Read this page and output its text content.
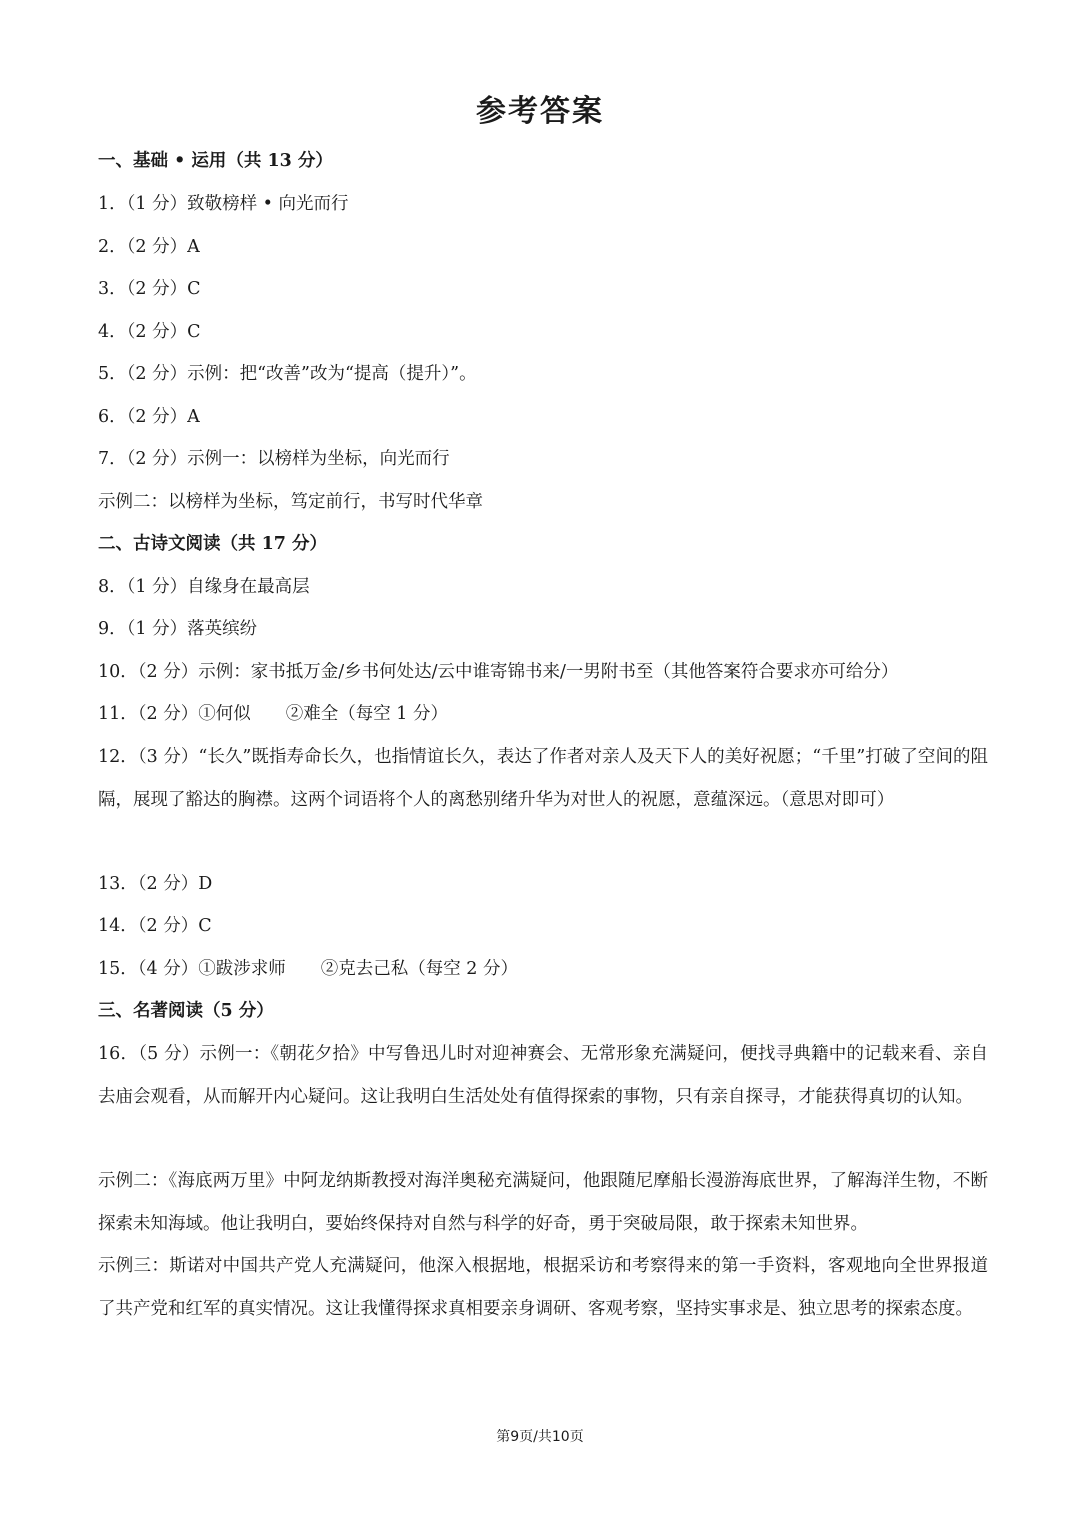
参考答案
一、基础 • 运用（共 13 分）
1．（1 分）致敬榜样 • 向光而行
2．（2 分）A
3．（2 分）C
4．（2 分）C
5．（2 分）示例：把“改善”改为“提高（提升）”。
6．（2 分）A
7．（2 分）示例一：以榜样为坐标，向光而行
示例二：以榜样为坐标，笃定前行，书写时代华章
二、古诗文阅读（共 17 分）
8．（1 分）自缘身在最高层
9．（1 分）落英缤纷
10．（2 分）示例：家书抵万金/乡书何处达/云中谁寄锦书来/一男附书至（其他答案符合要求亦可给分）
11．（2 分）①何似　　②难全（每空 1 分）
12．（3 分）“长久”既指寿命长久，也指情谊长久，表达了作者对亲人及天下人的美好祝愿；“千里”打破了空间的阻隔，展现了豁达的胸襟。这两个词语将个人的离愁别绪升华为对世人的祝愿，意蕴深远。（意思对即可）
13．（2 分）D
14．（2 分）C
15．（4 分）①跋涉求师　　②克去己私（每空 2 分）
三、名著阅读（5 分）
16．（5 分）示例一：《朝花夕拾》中写鲁迅儿时对迎神赛会、无常形象充满疑问，便找寻典籍中的记载来看、亲自去庙会观看，从而解开内心疑问。这让我明白生活处处有值得探索的事物，只有亲自探寻，才能获得真切的认知。
示例二：《海底两万里》中阿龙纳斯教授对海洋奥秘充满疑问，他跟随尼摩船长漫游海底世界，了解海洋生物，不断探索未知海域。他让我明白，要始终保持对自然与科学的好奇，勇于突破局限，敢于探索未知世界。
示例三：斯诺对中国共产党人充满疑问，他深入根据地，根据采访和考察得来的第一手资料，客观地向全世界报道了共产党和红军的真实情况。这让我懂得探求真相要亲身调研、客观考察，坚持实事求是、独立思考的探索态度。
第9页/共10页
